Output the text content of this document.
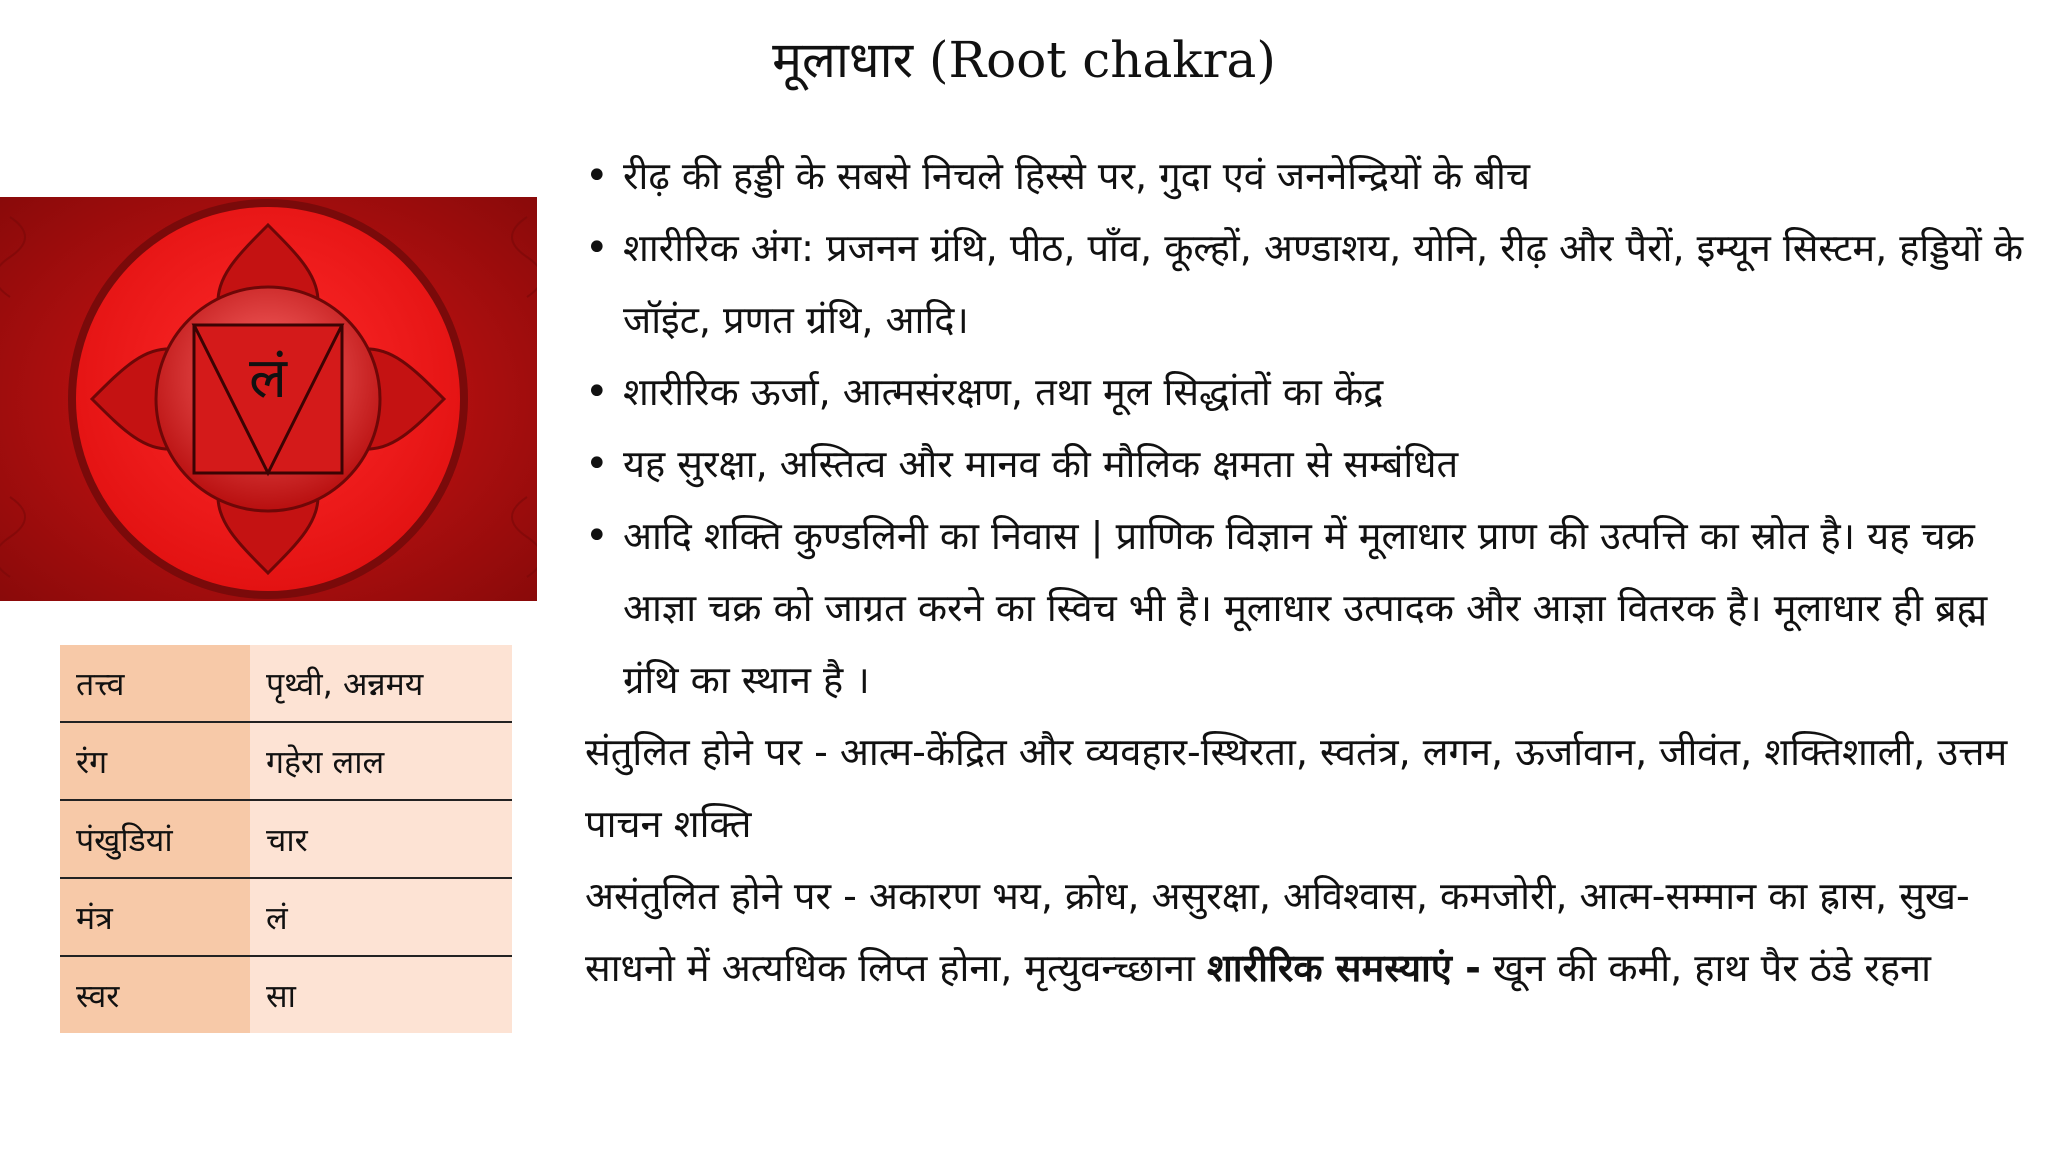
मूलाधार (Root chakra)
लं
तत्त्व	पृथ्वी, अन्नमय
रंग	गहेरा लाल
पंखुडियां	चार
मंत्र	लं
स्वर	सा
• रीढ़ की हड्डी के सबसे निचले हिस्से पर, गुदा एवं जननेन्द्रियों के बीच
• शारीरिक अंग: प्रजनन ग्रंथि, पीठ, पाँव, कूल्हों, अण्डाशय, योनि, रीढ़ और पैरों, इम्यून सिस्टम, हड्डियों के जॉइंट, प्रणत ग्रंथि, आदि।
• शारीरिक ऊर्जा, आत्मसंरक्षण, तथा मूल सिद्धांतों का केंद्र
• यह सुरक्षा, अस्तित्व और मानव की मौलिक क्षमता से सम्बंधित
• आदि शक्ति कुण्डलिनी का निवास | प्राणिक विज्ञान में मूलाधार प्राण की उत्पत्ति का स्रोत है। यह चक्र आज्ञा चक्र को जाग्रत करने का स्विच भी है। मूलाधार उत्पादक और आज्ञा वितरक है। मूलाधार ही ब्रह्म ग्रंथि का स्थान है ।

संतुलित होने पर - आत्म-केंद्रित और व्यवहार-स्थिरता, स्वतंत्र, लगन, ऊर्जावान, जीवंत, शक्तिशाली, उत्तम पाचन शक्ति

असंतुलित होने पर - अकारण भय, क्रोध, असुरक्षा, अविश्वास, कमजोरी, आत्म-सम्मान का ह्रास, सुख-साधनो में अत्यधिक लिप्त होना, मृत्युवन्च्छाना शारीरिक समस्याएं - खून की कमी, हाथ पैर ठंडे रहना
